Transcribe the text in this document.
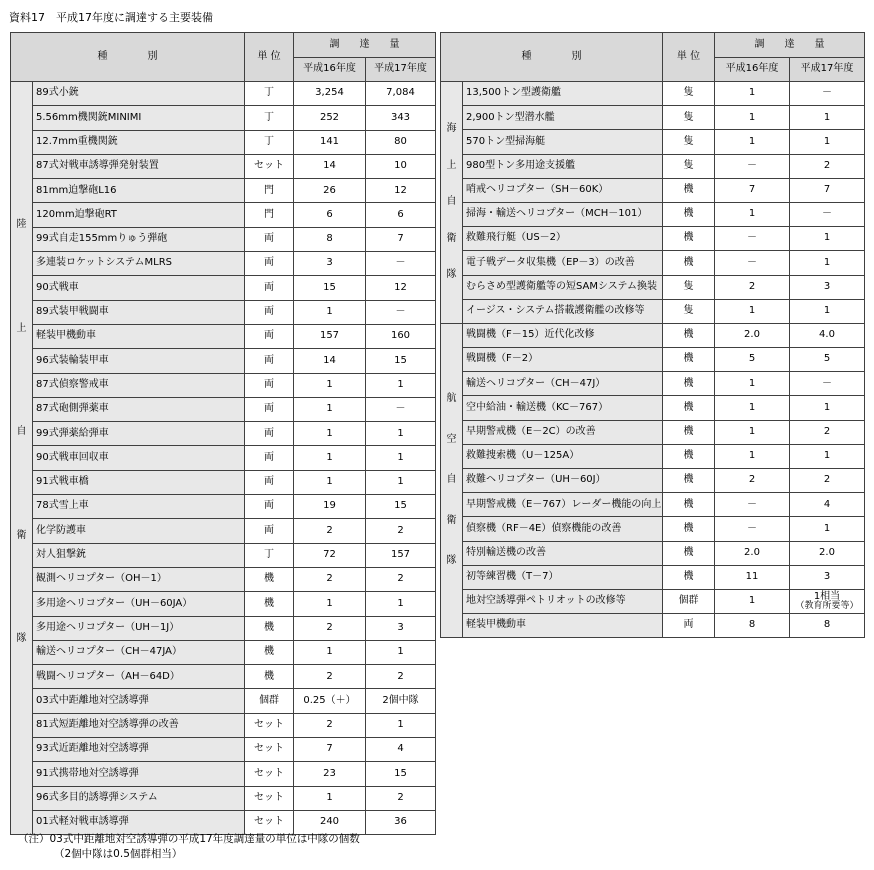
資料17　平成17年度に調達する主要装備
種　　　　別		単 位	調　　達　　量	
			平成16年度	平成17年度

陸
上
自
衛
隊	89式小銃	丁	3,254	7,084
	5.56mm機関銃MINIMI	丁	252	343
	12.7mm重機関銃	丁	141	80
	87式対戦車誘導弾発射装置	セット	14	10
	81mm迫撃砲L16	門	26	12
	120mm迫撃砲RT	門	6	6
	99式自走155mmりゅう弾砲	両	8	7
	多連装ロケットシステムMLRS	両	3	－
	90式戦車	両	15	12
	89式装甲戦闘車	両	1	－
	軽装甲機動車	両	157	160
	96式装輪装甲車	両	14	15
	87式偵察警戒車	両	1	1
	87式砲側弾薬車	両	1	－
	99式弾薬給弾車	両	1	1
	90式戦車回収車	両	1	1
	91式戦車橋	両	1	1
	78式雪上車	両	19	15
	化学防護車	両	2	2
	対人狙撃銃	丁	72	157
	観測ヘリコプター（OH－1）	機	2	2
	多用途ヘリコプター（UH－60JA）	機	1	1
	多用途ヘリコプター（UH－1J）	機	2	3
	輸送ヘリコプター（CH－47JA）	機	1	1
	戦闘ヘリコプター（AH－64D）	機	2	2
	03式中距離地対空誘導弾	個群	0.25（＋）	2個中隊
	81式短距離地対空誘導弾の改善	セット	2	1
	93式近距離地対空誘導弾	セット	7	4
	91式携帯地対空誘導弾	セット	23	15
	96式多目的誘導弾システム	セット	1	2
	01式軽対戦車誘導弾	セット	240	36
種　　　　別		単 位	調　　達　　量	
			平成16年度	平成17年度

海
上
自
衛
隊	13,500トン型護衛艦	隻	1	－
	2,900トン型潜水艦	隻	1	1
	570トン型掃海艇	隻	1	1
	980型トン多用途支援艦	隻	－	2
	哨戒ヘリコプター（SH－60K）	機	7	7
	掃海・輸送ヘリコプター（MCH－101）	機	1	－
	救難飛行艇（US－2）	機	－	1
	電子戦データ収集機（EP－3）の改善	機	－	1
	むらさめ型護衛艦等の短SAMシステム換装	隻	2	3
	イージス・システム搭載護衛艦の改修等	隻	1	1

航
空
自
衛
隊	戦闘機（F－15）近代化改修	機	2.0	4.0
	戦闘機（F－2）	機	5	5
	輸送ヘリコプター（CH－47J）	機	1	－
	空中給油・輸送機（KC－767）	機	1	1
	早期警戒機（E－2C）の改善	機	1	2
	救難捜索機（U－125A）	機	1	1
	救難ヘリコプター（UH－60J）	機	2	2
	早期警戒機（E－767）レーダー機能の向上	機	－	4
	偵察機（RF－4E）偵察機能の改善	機	－	1
	特別輸送機の改善	機	2.0	2.0
	初等練習機（T－7）	機	11	3
	地対空誘導弾ペトリオットの改修等	個群	1	1相当
（教育所要等）

	軽装甲機動車	両	8	8
（注）03式中距離地対空誘導弾の平成17年度調達量の単位は中隊の個数
（2個中隊は0.5個群相当）
